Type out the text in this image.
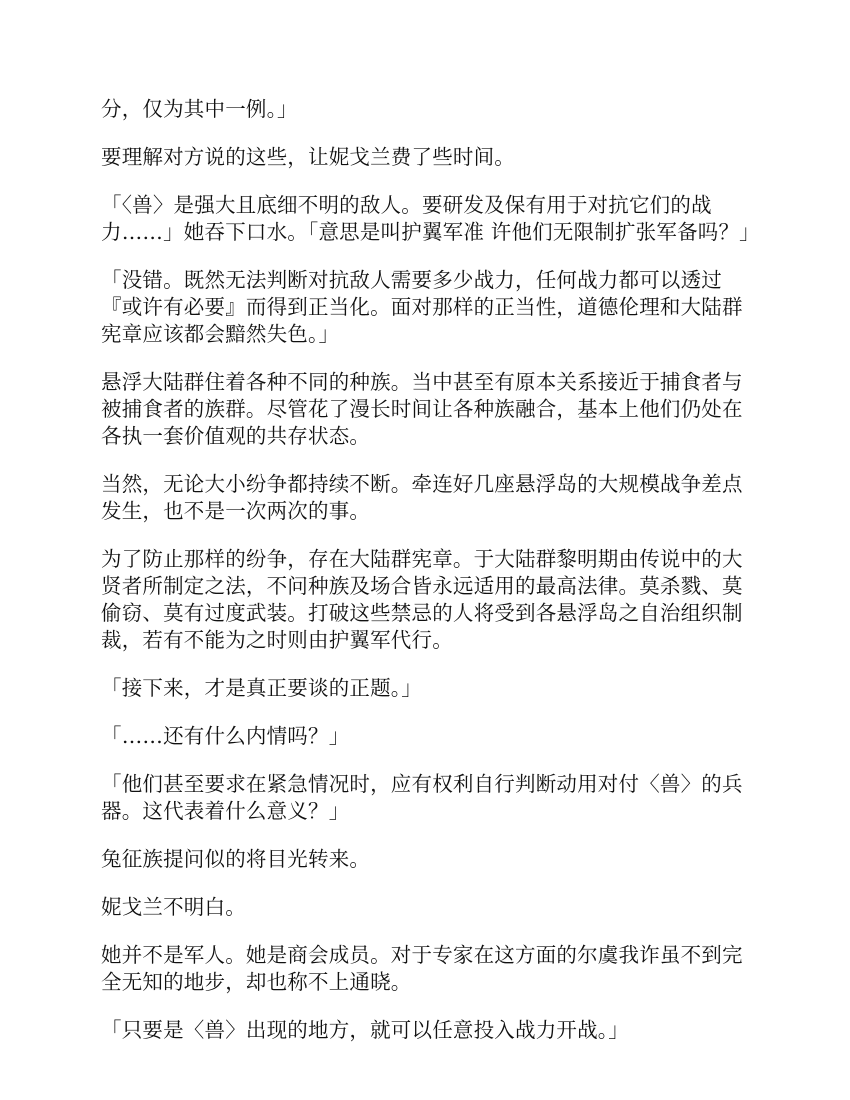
分，仅为其中一例。」

要理解对方说的这些，让妮戈兰费了些时间。

「〈兽〉是强大且底细不明的敌人。要研发及保有用于对抗它们的战力……」她吞下口水。「意思是叫护翼军准 许他们无限制扩张军备吗？」

「没错。既然无法判断对抗敌人需要多少战力，任何战力都可以透过『或许有必要』而得到正当化。面对那样的正当性，道德伦理和大陆群宪章应该都会黯然失色。」

悬浮大陆群住着各种不同的种族。当中甚至有原本关系接近于捕食者与被捕食者的族群。尽管花了漫长时间让各种族融合，基本上他们仍处在各执一套价值观的共存状态。

当然，无论大小纷争都持续不断。牵连好几座悬浮岛的大规模战争差点发生，也不是一次两次的事。

为了防止那样的纷争，存在大陆群宪章。于大陆群黎明期由传说中的大贤者所制定之法，不问种族及场合皆永远适用的最高法律。莫杀戮、莫偷窃、莫有过度武装。打破这些禁忌的人将受到各悬浮岛之自治组织制裁，若有不能为之时则由护翼军代行。

「接下来，才是真正要谈的正题。」

「……还有什么内情吗？」

「他们甚至要求在紧急情况时，应有权利自行判断动用对付〈兽〉的兵器。这代表着什么意义？」

兔征族提问似的将目光转来。

妮戈兰不明白。

她并不是军人。她是商会成员。对于专家在这方面的尔虞我诈虽不到完全无知的地步，却也称不上通晓。

「只要是〈兽〉出现的地方，就可以任意投入战力开战。」
